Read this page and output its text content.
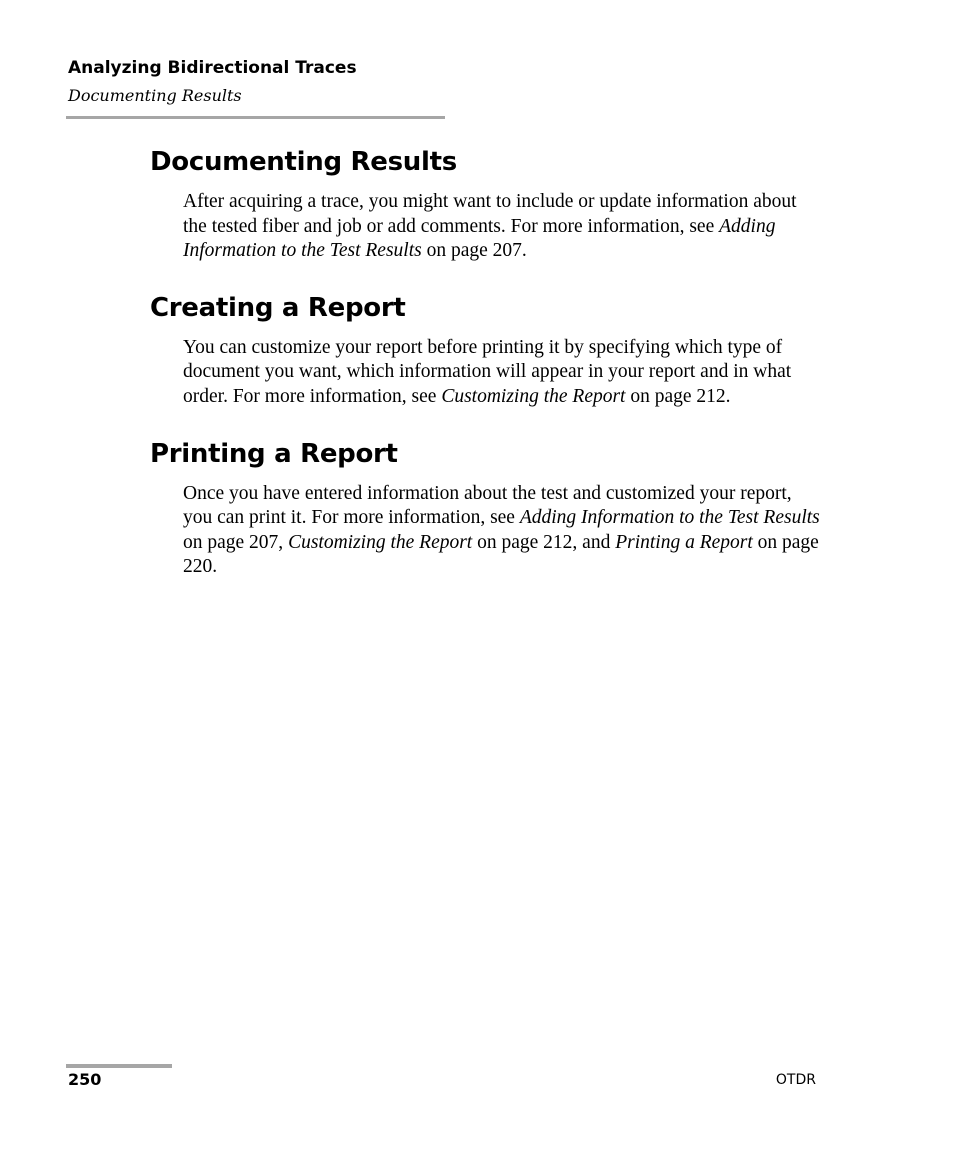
Analyzing Bidirectional Traces

Documenting Results

Documenting Results

After acquiring a trace, you might want to include or update information about the tested fiber and job or add comments. For more information, see Adding Information to the Test Results on page 207.

Creating a Report

You can customize your report before printing it by specifying which type of document you want, which information will appear in your report and in what order. For more information, see Customizing the Report on page 212.

Printing a Report

Once you have entered information about the test and customized your report, you can print it. For more information, see Adding Information to the Test Results on page 207, Customizing the Report on page 212, and Printing a Report on page 220.

250	OTDR
